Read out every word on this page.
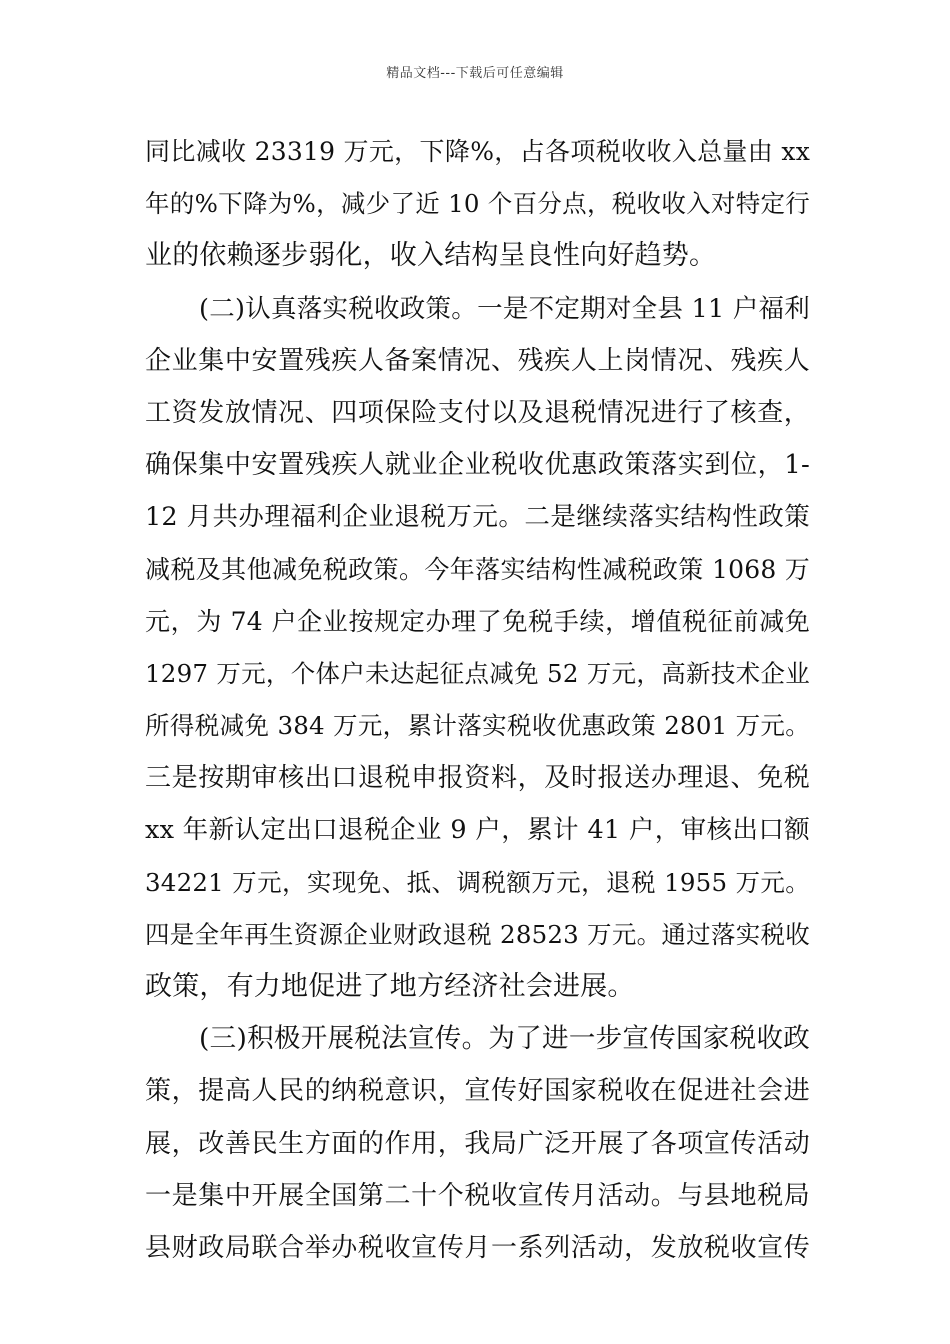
精品文档---下载后可任意编辑
同比减收 23319 万元，下降%，占各项税收收入总量由 xx
年的%下降为%，减少了近 10 个百分点，税收收入对特定行
业的依赖逐步弱化，收入结构呈良性向好趋势。
(二)认真落实税收政策。一是不定期对全县 11 户福利
企业集中安置残疾人备案情况、残疾人上岗情况、残疾人
工资发放情况、四项保险支付以及退税情况进行了核查，
确保集中安置残疾人就业企业税收优惠政策落实到位，1-
12 月共办理福利企业退税万元。二是继续落实结构性政策
减税及其他减免税政策。今年落实结构性减税政策 1068 万
元，为 74 户企业按规定办理了免税手续，增值税征前减免
1297 万元，个体户未达起征点减免 52 万元，高新技术企业
所得税减免 384 万元，累计落实税收优惠政策 2801 万元。
三是按期审核出口退税申报资料，及时报送办理退、免税
xx 年新认定出口退税企业 9 户，累计 41 户，审核出口额
34221 万元，实现免、抵、调税额万元，退税 1955 万元。
四是全年再生资源企业财政退税 28523 万元。通过落实税收
政策，有力地促进了地方经济社会进展。
(三)积极开展税法宣传。为了进一步宣传国家税收政
策，提高人民的纳税意识，宣传好国家税收在促进社会进
展，改善民生方面的作用，我局广泛开展了各项宣传活动
一是集中开展全国第二十个税收宣传月活动。与县地税局
县财政局联合举办税收宣传月一系列活动，发放税收宣传
